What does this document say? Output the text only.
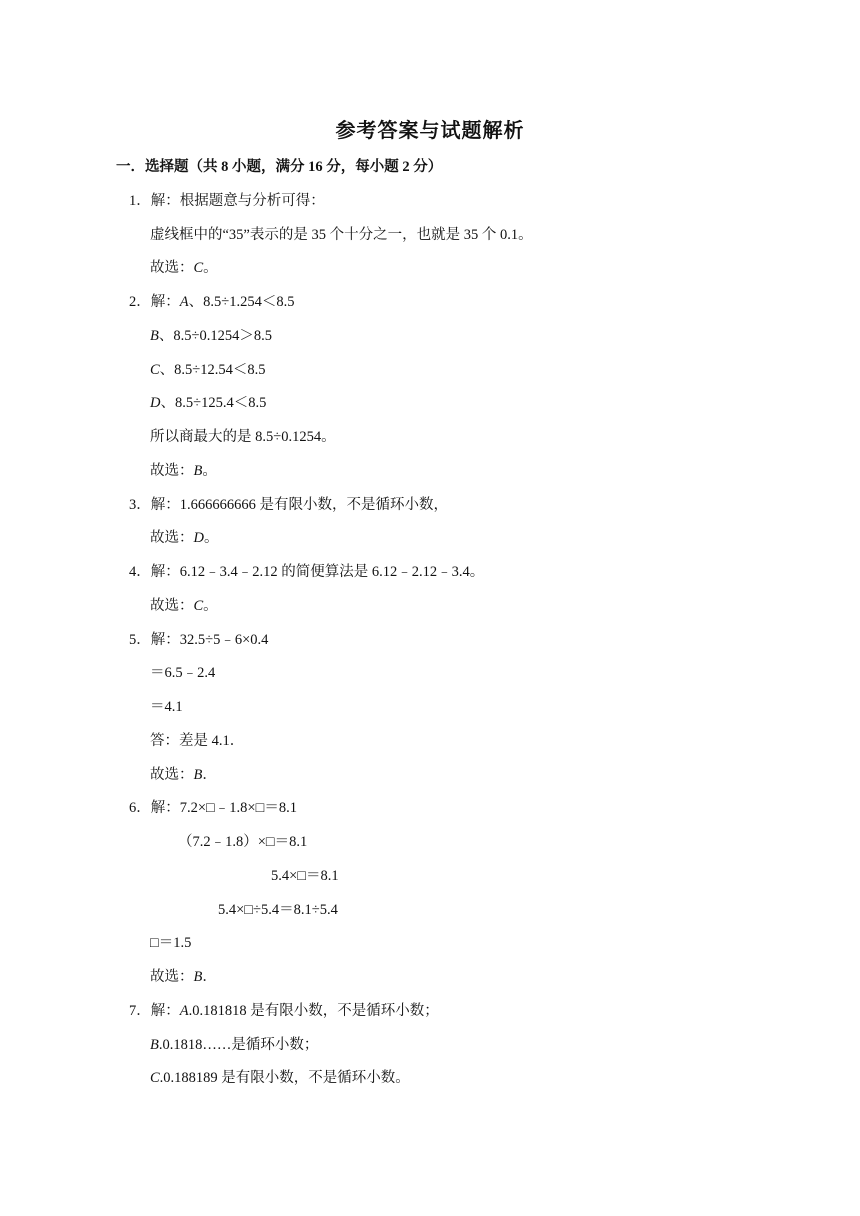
参考答案与试题解析
一．选择题（共 8 小题，满分 16 分，每小题 2 分）
1．解：根据题意与分析可得：
虚线框中的“35”表示的是 35 个十分之一，也就是 35 个 0.1。
故选：C。
2．解：A、8.5÷1.254＜8.5
B、8.5÷0.1254＞8.5
C、8.5÷12.54＜8.5
D、8.5÷125.4＜8.5
所以商最大的是 8.5÷0.1254。
故选：B。
3．解：1.666666666 是有限小数，不是循环小数，
故选：D。
4．解：6.12﹣3.4﹣2.12 的简便算法是 6.12﹣2.12﹣3.4。
故选：C。
5．解：32.5÷5﹣6×0.4
＝6.5﹣2.4
＝4.1
答：差是 4.1．
故选：B．
6．解：7.2×□﹣1.8×□＝8.1
（7.2﹣1.8）×□＝8.1
5.4×□＝8.1
5.4×□÷5.4＝8.1÷5.4
□＝1.5
故选：B．
7．解：A.0.181818 是有限小数，不是循环小数；
B.0.1818……是循环小数；
C.0.188189 是有限小数，不是循环小数。
